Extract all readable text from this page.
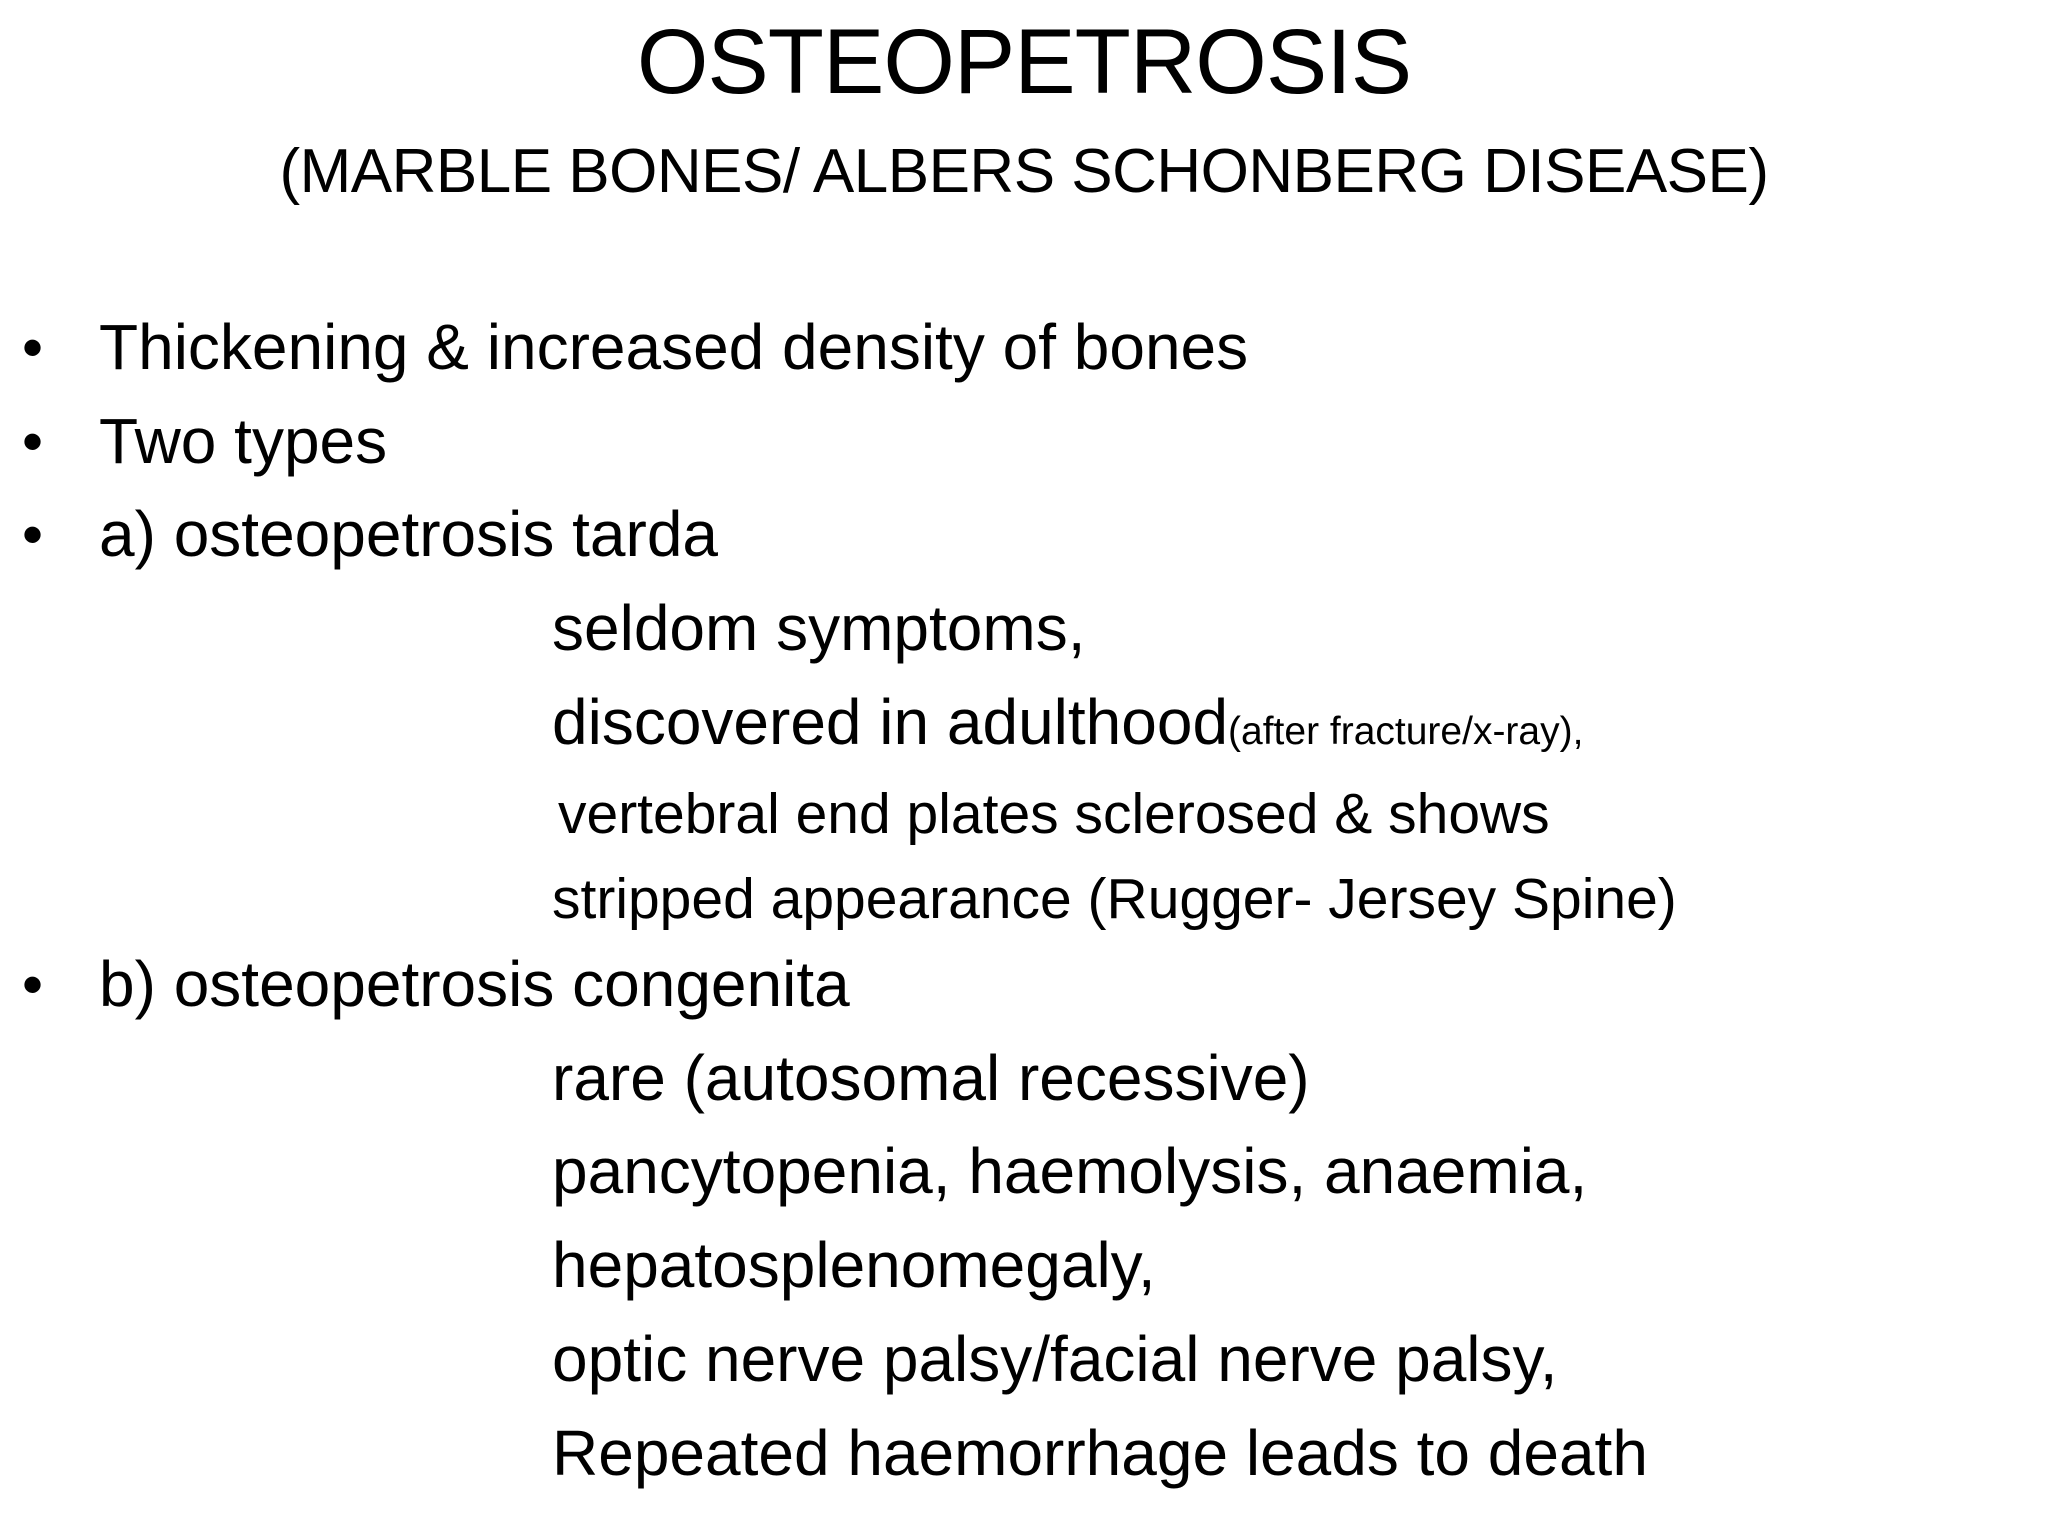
OSTEOPETROSIS
(MARBLE BONES/ ALBERS SCHONBERG DISEASE)
• Thickening & increased density of bones
• Two types
• a) osteopetrosis tarda
seldom symptoms,
discovered in adulthood(after fracture/x-ray),
vertebral end plates sclerosed & shows
stripped appearance (Rugger- Jersey Spine)
• b) osteopetrosis congenita
rare (autosomal recessive)
pancytopenia, haemolysis, anaemia,
hepatosplenomegaly,
optic nerve palsy/facial nerve palsy,
Repeated haemorrhage leads to death
